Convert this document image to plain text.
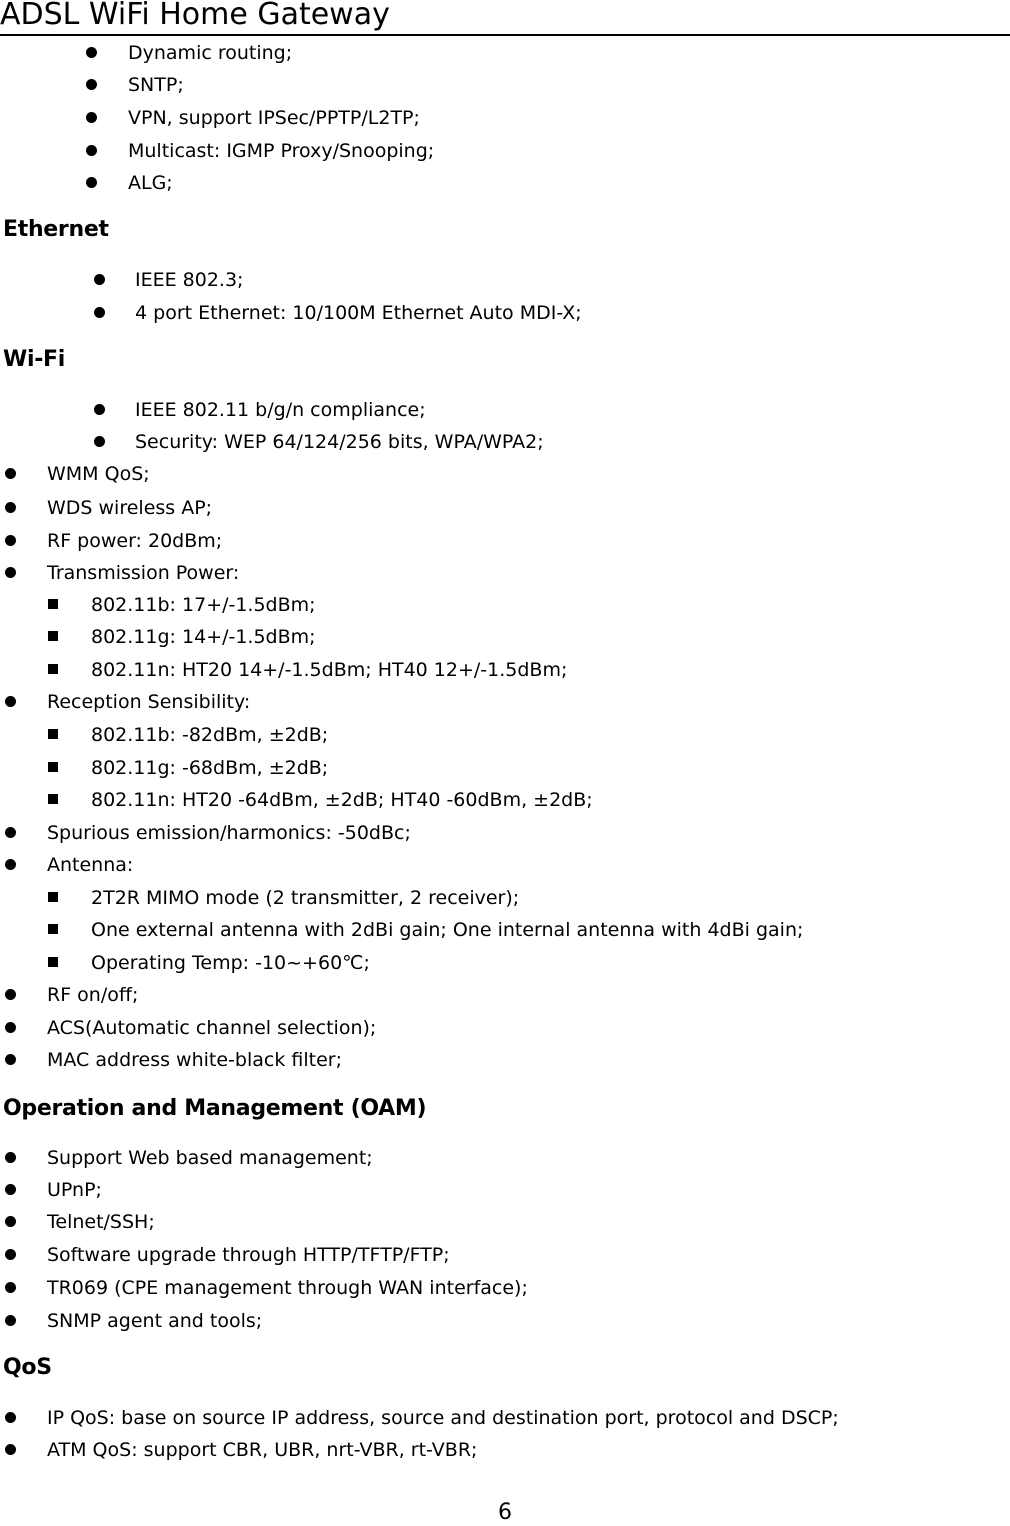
ADSL WiFi Home Gateway
Dynamic routing;
SNTP;
VPN, support IPSec/PPTP/L2TP;
Multicast: IGMP Proxy/Snooping;
ALG;
Ethernet
IEEE 802.3;
4 port Ethernet: 10/100M Ethernet Auto MDI-X;
Wi-Fi
IEEE 802.11 b/g/n compliance;
Security: WEP 64/124/256 bits, WPA/WPA2;
WMM QoS;
WDS wireless AP;
RF power: 20dBm;
Transmission Power:
802.11b: 17+/-1.5dBm;
802.11g: 14+/-1.5dBm;
802.11n: HT20 14+/-1.5dBm; HT40 12+/-1.5dBm;
Reception Sensibility:
802.11b: -82dBm, ±2dB;
802.11g: -68dBm, ±2dB;
802.11n: HT20 -64dBm, ±2dB; HT40 -60dBm, ±2dB;
Spurious emission/harmonics: -50dBc;
Antenna:
2T2R MIMO mode (2 transmitter, 2 receiver);
One external antenna with 2dBi gain; One internal antenna with 4dBi gain;
Operating Temp: -10~+60℃;
RF on/off;
ACS(Automatic channel selection);
MAC address white-black filter;
Operation and Management (OAM)
Support Web based management;
UPnP;
Telnet/SSH;
Software upgrade through HTTP/TFTP/FTP;
TR069 (CPE management through WAN interface);
SNMP agent and tools;
QoS
IP QoS: base on source IP address, source and destination port, protocol and DSCP;
ATM QoS: support CBR, UBR, nrt-VBR, rt-VBR;
6
